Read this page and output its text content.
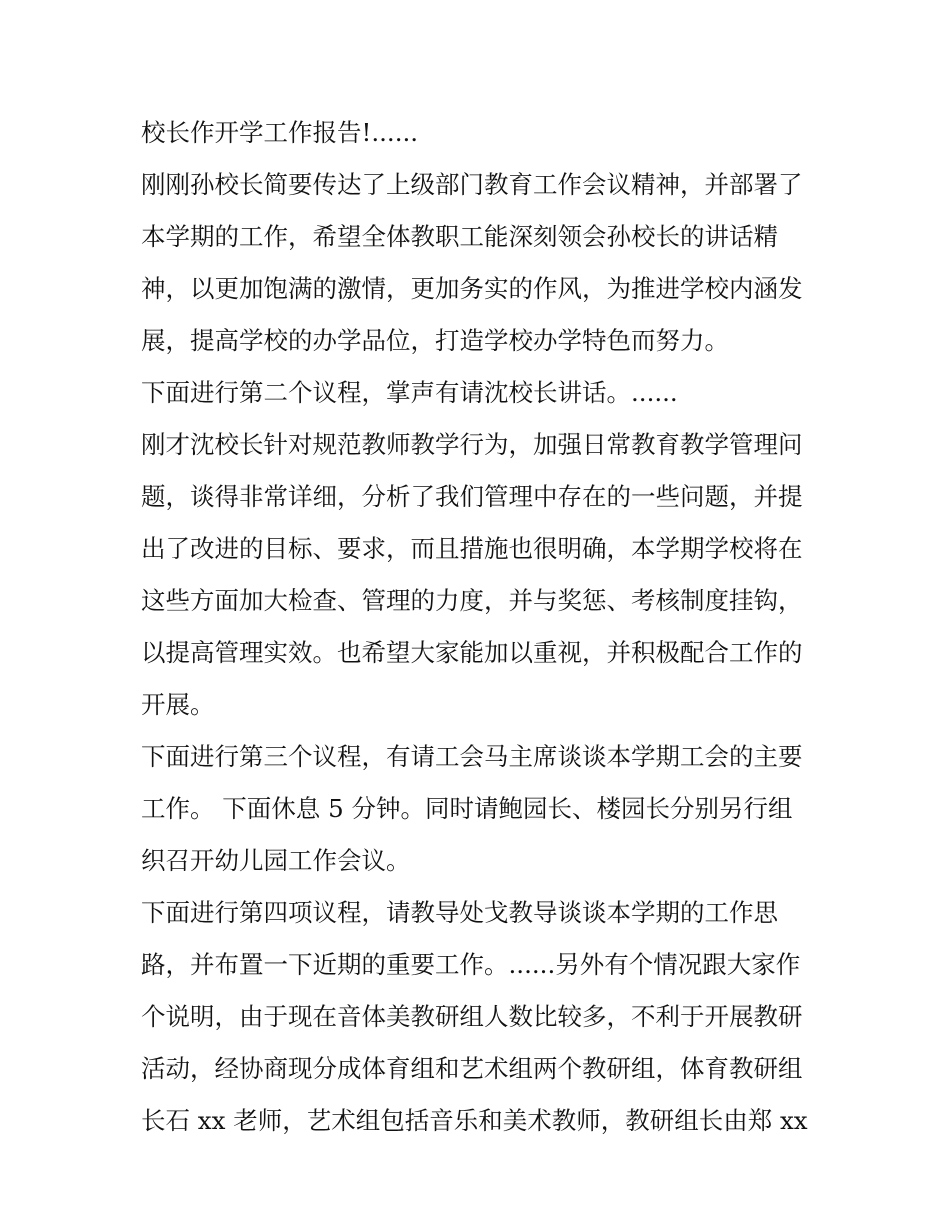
校长作开学工作报告!......
刚刚孙校长简要传达了上级部门教育工作会议精神，并部署了
本学期的工作，希望全体教职工能深刻领会孙校长的讲话精
神，以更加饱满的激情，更加务实的作风，为推进学校内涵发
展，提高学校的办学品位，打造学校办学特色而努力。
下面进行第二个议程，掌声有请沈校长讲话。......
刚才沈校长针对规范教师教学行为，加强日常教育教学管理问
题，谈得非常详细，分析了我们管理中存在的一些问题，并提
出了改进的目标、要求，而且措施也很明确，本学期学校将在
这些方面加大检查、管理的力度，并与奖惩、考核制度挂钩，
以提高管理实效。也希望大家能加以重视，并积极配合工作的
开展。
下面进行第三个议程，有请工会马主席谈谈本学期工会的主要
工作。 下面休息 5 分钟。同时请鲍园长、楼园长分别另行组
织召开幼儿园工作会议。
下面进行第四项议程，请教导处戈教导谈谈本学期的工作思
路，并布置一下近期的重要工作。......另外有个情况跟大家作
个说明，由于现在音体美教研组人数比较多，不利于开展教研
活动，经协商现分成体育组和艺术组两个教研组，体育教研组
长石 xx 老师，艺术组包括音乐和美术教师，教研组长由郑 xx
